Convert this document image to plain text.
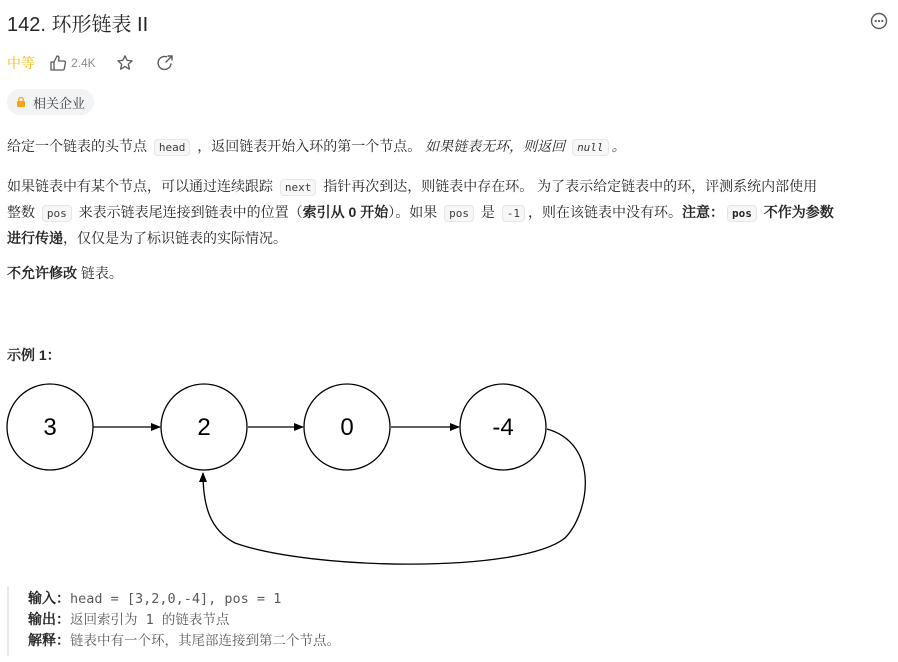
142. 环形链表 II
中等	2.4K
相关企业
给定一个链表的头节点 head ，返回链表开始入环的第一个节点。 如果链表无环，则返回 null 。
如果链表中有某个节点，可以通过连续跟踪 next 指针再次到达，则链表中存在环。 为了表示给定链表中的环，评测系统内部使用
整数 pos 来表示链表尾连接到链表中的位置（索引从 0 开始）。如果 pos 是 -1 ，则在该链表中没有环。注意： pos 不作为参数
进行传递，仅仅是为了标识链表的实际情况。
不允许修改 链表。
示例 1：
3	2	0	-4
输入：head = [3,2,0,-4], pos = 1
输出：返回索引为 1 的链表节点
解释：链表中有一个环，其尾部连接到第二个节点。
